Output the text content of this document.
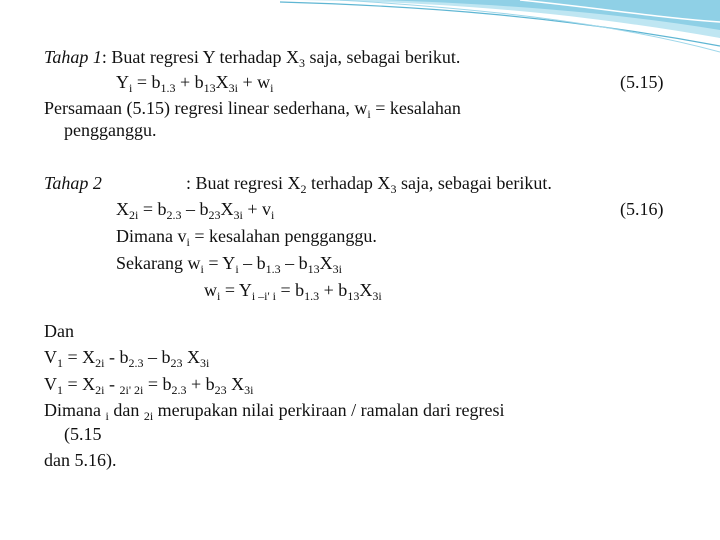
Tahap 1: Buat regresi Y terhadap $X_3$ saja, sebagai berikut.
$Y_i = b_{1.3} + b_{13}X_{3i} + w_i$	(5.15)
Persamaan (5.15) regresi linear sederhana, $w_i$ = kesalahan
pengganggu.
Tahap 2	: Buat regresi $X_2$ terhadap $X_3$ saja, sebagai berikut.
$X_{2i} = b_{2.3} - b_{23}X_{3i} + v_i$	(5.16)
Dimana $v_i$ = kesalahan pengganggu.
Sekarang $w_i = Y_i - b_{1.3} - b_{13}X_{3i}$
$w_i = Y_{i -i' i} = b_{1.3} + b_{13}X_{3i}$
Dan
$V_1 = X_{2i} - b_{2.3} - b_{23}$ $X_{3i}$
$V_1 = X_{2i} - _{2i' 2i} = b_{2.3} + b_{23}$ $X_{3i}$
Dimana $_i$ dan $_{2i}$ merupakan nilai perkiraan / ramalan dari regresi
(5.15
dan 5.16).
